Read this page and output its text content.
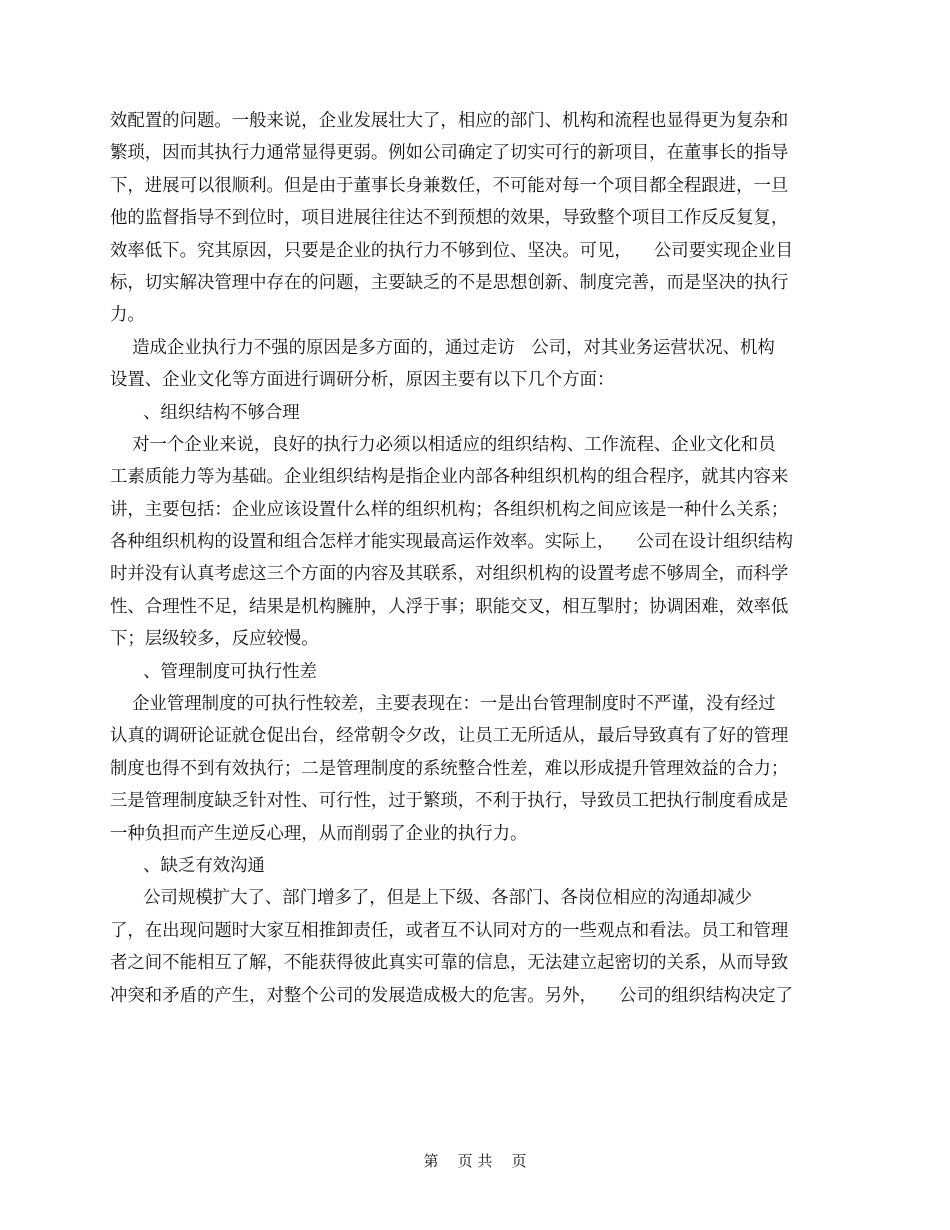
效配置的问题。一般来说，企业发展壮大了，相应的部门、机构和流程也显得更为复杂和
繁琐，因而其执行力通常显得更弱。例如公司确定了切实可行的新项目，在董事长的指导
下，进展可以很顺利。但是由于董事长身兼数任，不可能对每一个项目都全程跟进，一旦
他的监督指导不到位时，项目进展往往达不到预想的效果，导致整个项目工作反反复复，
效率低下。究其原因，只要是企业的执行力不够到位、坚决。可见，    公司要实现企业目
标，切实解决管理中存在的问题，主要缺乏的不是思想创新、制度完善，而是坚决的执行
力。
造成企业执行力不强的原因是多方面的，通过走访   公司，对其业务运营状况、机构
设置、企业文化等方面进行调研分析，原因主要有以下几个方面：
、组织结构不够合理
对一个企业来说，良好的执行力必须以相适应的组织结构、工作流程、企业文化和员
工素质能力等为基础。企业组织结构是指企业内部各种组织机构的组合程序，就其内容来
讲，主要包括：企业应该设置什么样的组织机构；各组织机构之间应该是一种什么关系；
各种组织机构的设置和组合怎样才能实现最高运作效率。实际上，    公司在设计组织结构
时并没有认真考虑这三个方面的内容及其联系，对组织机构的设置考虑不够周全，而科学
性、合理性不足，结果是机构臃肿，人浮于事；职能交叉，相互掣肘；协调困难，效率低
下；层级较多，反应较慢。
、管理制度可执行性差
企业管理制度的可执行性较差，主要表现在：一是出台管理制度时不严谨，没有经过
认真的调研论证就仓促出台，经常朝令夕改，让员工无所适从，最后导致真有了好的管理
制度也得不到有效执行；二是管理制度的系统整合性差，难以形成提升管理效益的合力；
三是管理制度缺乏针对性、可行性，过于繁琐，不利于执行，导致员工把执行制度看成是
一种负担而产生逆反心理，从而削弱了企业的执行力。
、缺乏有效沟通
公司规模扩大了、部门增多了，但是上下级、各部门、各岗位相应的沟通却减少
了，在出现问题时大家互相推卸责任，或者互不认同对方的一些观点和看法。员工和管理
者之间不能相互了解，不能获得彼此真实可靠的信息，无法建立起密切的关系，从而导致
冲突和矛盾的产生，对整个公司的发展造成极大的危害。另外，    公司的组织结构决定了
第    页 共    页
